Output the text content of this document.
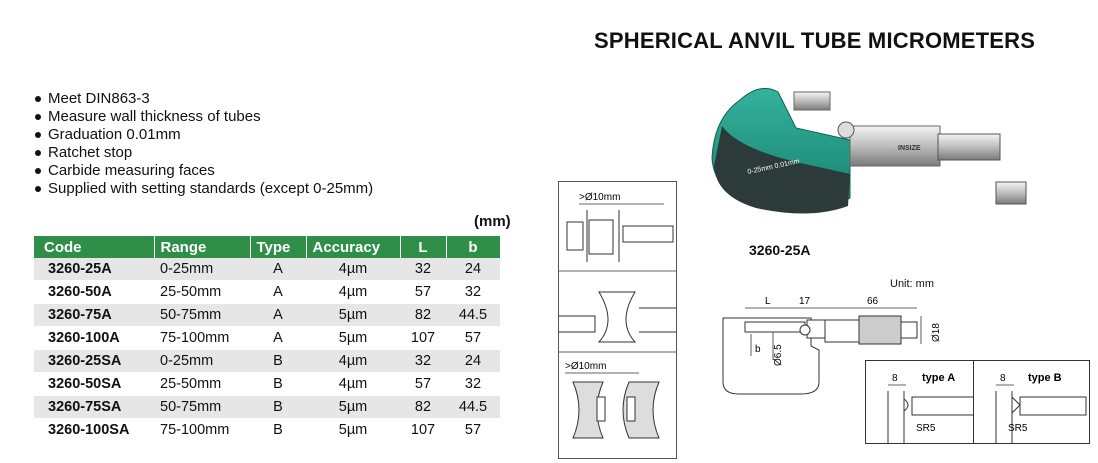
SPHERICAL ANVIL TUBE MICROMETERS
Meet DIN863-3
Measure wall thickness of tubes
Graduation 0.01mm
Ratchet stop
Carbide measuring faces
Supplied with setting standards (except 0-25mm)
(mm)
Code	Range	Type	Accuracy	L	b
3260-25A	0-25mm	A	4µm	32	24
3260-50A	25-50mm	A	4µm	57	32
3260-75A	50-75mm	A	5µm	82	44.5
3260-100A	75-100mm	A	5µm	107	57
3260-25SA	0-25mm	B	4µm	32	24
3260-50SA	25-50mm	B	4µm	57	32
3260-75SA	50-75mm	B	5µm	82	44.5
3260-100SA	75-100mm	B	5µm	107	57
>Ø10mm
>Ø10mm
0-25mm 0.01mm
INSIZE
3260-25A
Unit: mm
L	17	66
b Ø6.5
Ø18
type A
8
SR5
type B
8
SR5
